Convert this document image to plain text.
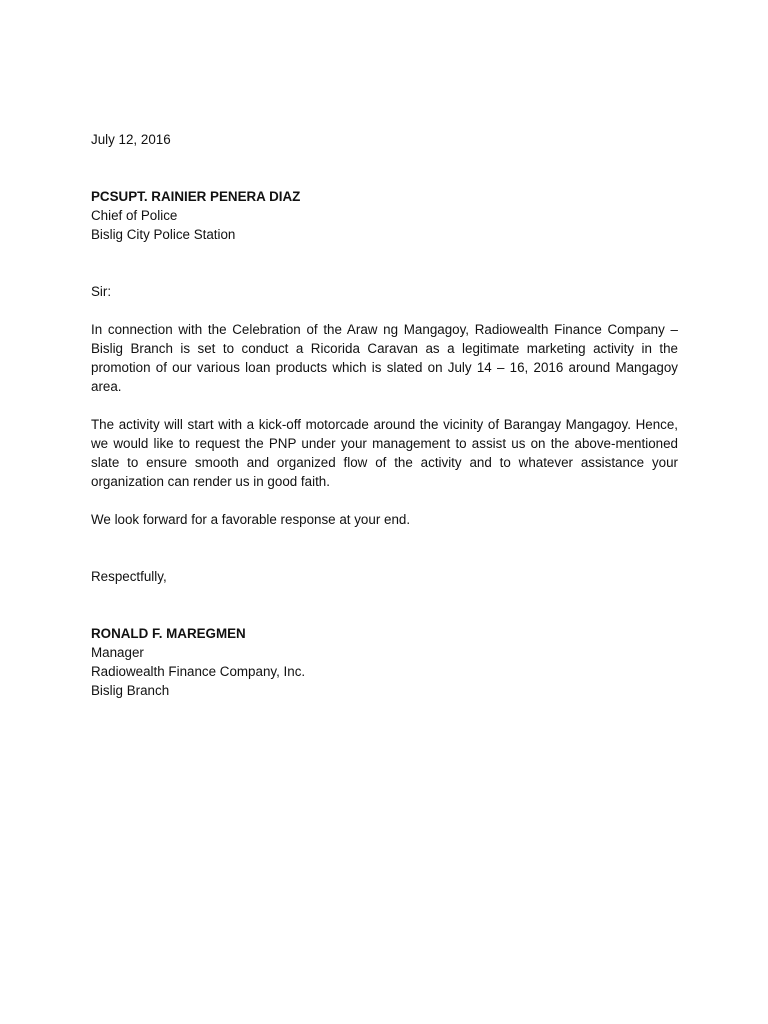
July 12, 2016
PCSUPT. RAINIER PENERA DIAZ
Chief of Police
Bislig City Police Station
Sir:
In connection with the Celebration of the Araw ng Mangagoy, Radiowealth Finance Company – Bislig Branch is set to conduct a Ricorida Caravan as a legitimate marketing activity in the promotion of our various loan products which is slated on July 14 – 16, 2016 around Mangagoy area.
The activity will start with a kick-off motorcade around the vicinity of Barangay Mangagoy. Hence, we would like to request the PNP under your management to assist us on the above-mentioned slate to ensure smooth and organized flow of the activity and to whatever assistance your organization can render us in good faith.
We look forward for a favorable response at your end.
Respectfully,
RONALD F. MAREGMEN
Manager
Radiowealth Finance Company, Inc.
Bislig Branch
